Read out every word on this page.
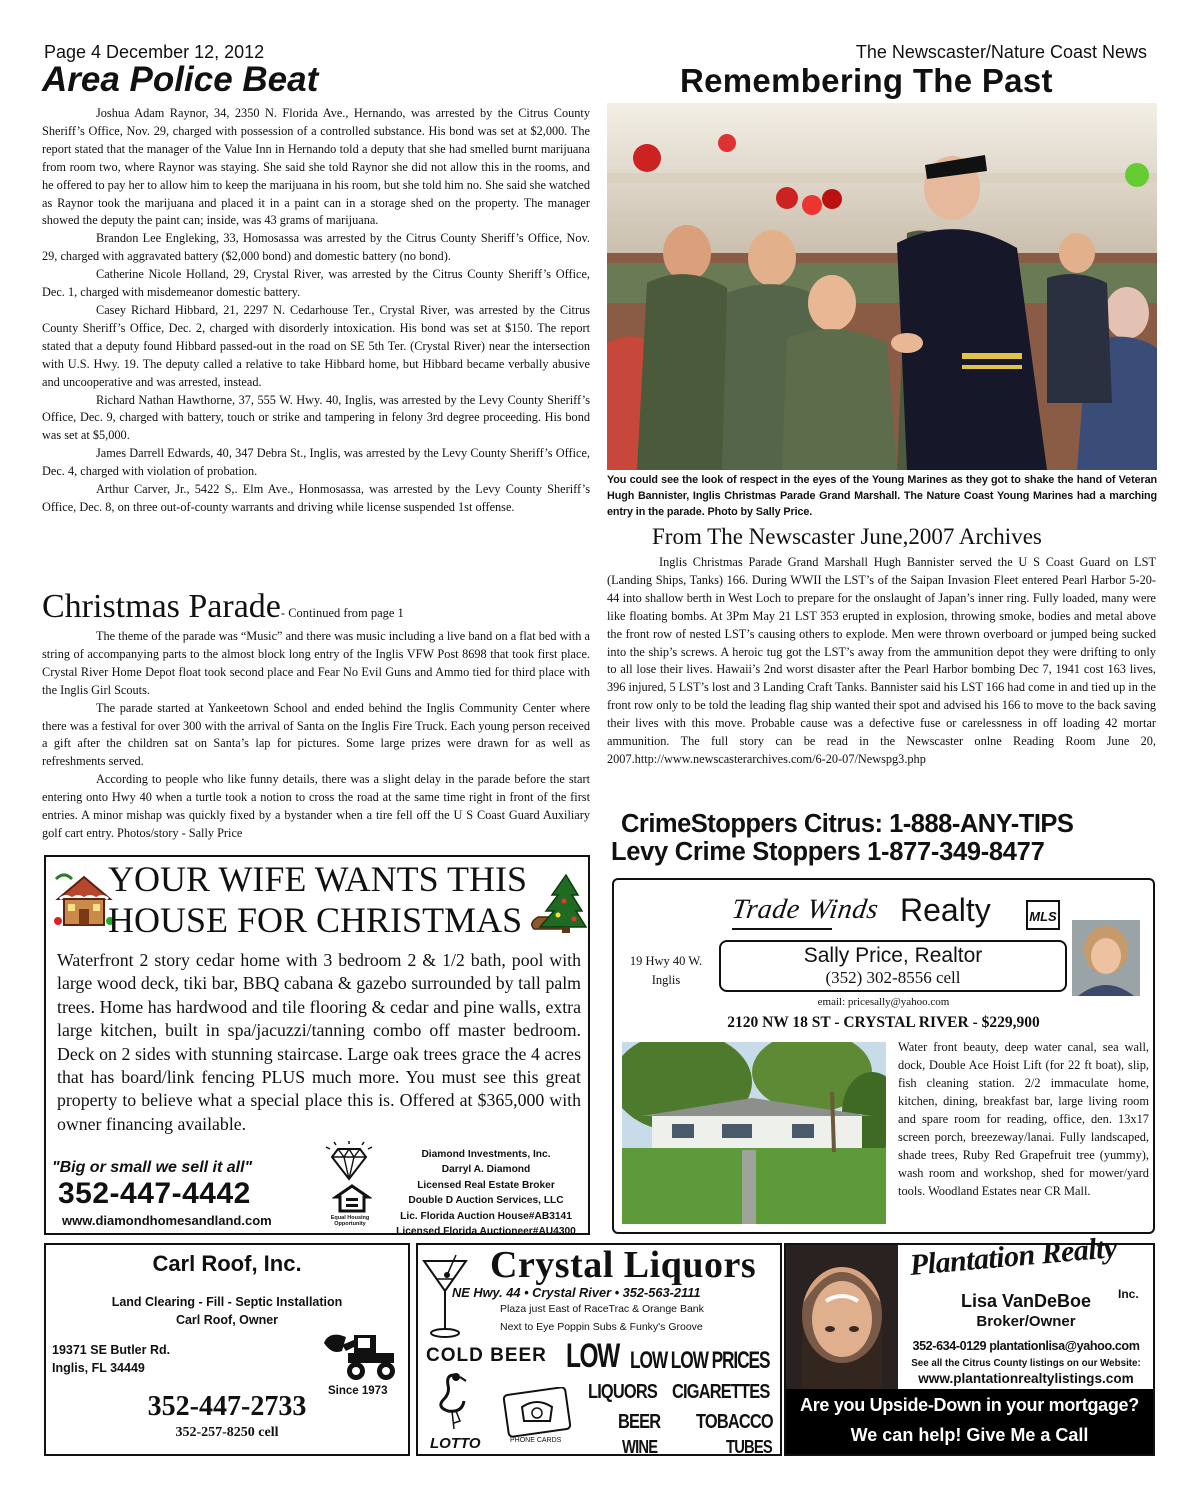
Page 4 December 12, 2012	The Newscaster/Nature Coast News
Area Police Beat

Joshua Adam Raynor, 34, 2350 N. Florida Ave., Hernando, was arrested by the Citrus County Sheriff’s Office, Nov. 29, charged with possession of a controlled substance. His bond was set at $2,000. The report stated that the manager of the Value Inn in Hernando told a deputy that she had smelled burnt marijuana from room two, where Raynor was staying. She said she told Raynor she did not allow this in the rooms, and he offered to pay her to allow him to keep the marijuana in his room, but she told him no. She said she watched as Raynor took the marijuana and placed it in a paint can in a storage shed on the property. The manager showed the deputy the paint can; inside, was 43 grams of marijuana.

Brandon Lee Engleking, 33, Homosassa was arrested by the Citrus County Sheriff’s Office, Nov. 29, charged with aggravated battery ($2,000 bond) and domestic battery (no bond).

Catherine Nicole Holland, 29, Crystal River, was arrested by the Citrus County Sheriff’s Office, Dec. 1, charged with misdemeanor domestic battery.

Casey Richard Hibbard, 21, 2297 N. Cedarhouse Ter., Crystal River, was arrested by the Citrus County Sheriff’s Office, Dec. 2, charged with disorderly intoxication. His bond was set at $150. The report stated that a deputy found Hibbard passed-out in the road on SE 5th Ter. (Crystal River) near the intersection with U.S. Hwy. 19. The deputy called a relative to take Hibbard home, but Hibbard became verbally abusive and uncooperative and was arrested, instead.

Richard Nathan Hawthorne, 37, 555 W. Hwy. 40, Inglis, was arrested by the Levy County Sheriff’s Office, Dec. 9, charged with battery, touch or strike and tampering in felony 3rd degree proceeding. His bond was set at $5,000.

James Darrell Edwards, 40, 347 Debra St., Inglis, was arrested by the Levy County Sheriff’s Office, Dec. 4, charged with violation of probation.

Arthur Carver, Jr., 5422 S,. Elm Ave., Honmosassa, was arrested by the Levy County Sheriff’s Office, Dec. 8, on three out-of-county warrants and driving while license suspended 1st offense.

Christmas Parade- Continued from page 1

The theme of the parade was “Music” and there was music including a live band on a flat bed with a string of accompanying parts to the almost block long entry of the Inglis VFW Post 8698 that took first place. Crystal River Home Depot float took second place and Fear No Evil Guns and Ammo tied for third place with the Inglis Girl Scouts.

The parade started at Yankeetown School and ended behind the Inglis Community Center where there was a festival for over 300 with the arrival of Santa on the Inglis Fire Truck. Each young person received a gift after the children sat on Santa’s lap for pictures. Some large prizes were drawn for as well as refreshments served.

According to people who like funny details, there was a slight delay in the parade before the start entering onto Hwy 40 when a turtle took a notion to cross the road at the same time right in front of the first entries. A minor mishap was quickly fixed by a bystander when a tire fell off the U S Coast Guard Auxiliary golf cart entry. Photos/story - Sally Price

YOUR WIFE WANTS THIS
HOUSE FOR CHRISTMAS
Waterfront 2 story cedar home with 3 bedroom 2 & 1/2 bath, pool with large wood deck, tiki bar, BBQ cabana & gazebo surrounded by tall palm trees. Home has hardwood and tile flooring & cedar and pine walls, extra large kitchen, built in spa/jacuzzi/tanning combo off master bedroom. Deck on 2 sides with stunning staircase. Large oak trees grace the 4 acres that has board/link fencing PLUS much more. You must see this great property to believe what a special place this is. Offered at $365,000 with owner financing available.
"Big or small we sell it all"
352-447-4442
www.diamondhomesandland.com	Equal Housing
Opportunity
Diamond Investments, Inc.
Darryl A. Diamond
Licensed Real Estate Broker
Double D Auction Services, LLC
Lic. Florida Auction House#AB3141
Licensed Florida Auctioneer#AU4300
Carl Roof, Inc.
Land Clearing - Fill - Septic Installation
Carl Roof, Owner
19371 SE Butler Rd.
Inglis, FL 34449
Since 1973
352-447-2733
352-257-8250 cell
Crystal Liquors
NE Hwy. 44 • Crystal River • 352-563-2111
Plaza just East of RaceTrac & Orange Bank
Next to Eye Poppin Subs & Funky's Groove
COLD BEER LOW LOW LOW PRICES
LOTTO	PHONE CARDS
LIQUORS CIGARETTES
BEER TOBACCO
WINE	TUBES
Remembering The Past
You could see the look of respect in the eyes of the Young Marines as they got to shake the hand of Veteran Hugh Bannister, Inglis Christmas Parade Grand Marshall. The Nature Coast Young Marines had a marching entry in the parade. Photo by Sally Price.
From The Newscaster June,2007 Archives

Inglis Christmas Parade Grand Marshall Hugh Bannister served the U S Coast Guard on LST (Landing Ships, Tanks) 166. During WWII the LST’s of the Saipan Invasion Fleet entered Pearl Harbor 5-20-44 into shallow berth in West Loch to prepare for the onslaught of Japan’s inner ring. Fully loaded, many were like floating bombs. At 3Pm May 21 LST 353 erupted in explosion, throwing smoke, bodies and metal above the front row of nested LST’s causing others to explode. Men were thrown overboard or jumped being sucked into the ship’s screws. A heroic tug got the LST’s away from the ammunition depot they were drifting to only to all lose their lives. Hawaii’s 2nd worst disaster after the Pearl Harbor bombing Dec 7, 1941 cost 163 lives, 396 injured, 5 LST’s lost and 3 Landing Craft Tanks. Bannister said his LST 166 had come in and tied up in the front row only to be told the leading flag ship wanted their spot and advised his 166 to move to the back saving their lives with this move. Probable cause was a defective fuse or carelessness in off loading 42 mortar ammunition. The full story can be read in the Newscaster onlne Reading Room June 20, 2007.http://www.newscasterarchives.com/6-20-07/Newspg3.php

CrimeStoppers Citrus: 1-888-ANY-TIPS
Levy Crime Stoppers 1-877-349-8477
Trade Winds Realty	MLS
19 Hwy 40 W.
Inglis
Sally Price, Realtor
(352) 302-8556 cell
email: pricesally@yahoo.com
2120 NW 18 ST - CRYSTAL RIVER - $229,900
Water front beauty, deep water canal, sea wall, dock, Double Ace Hoist Lift (for 22 ft boat), slip, fish cleaning station. 2/2 immaculate home, kitchen, dining, breakfast bar, large living room and spare room for reading, office, den. 13x17 screen porch, breezeway/lanai. Fully landscaped, shade trees, Ruby Red Grapefruit tree (yummy), wash room and workshop, shed for mower/yard tools. Woodland Estates near CR Mall.
Plantation Realty
Inc.
Lisa VanDeBoe
Broker/Owner
352-634-0129 plantationlisa@yahoo.com
See all the Citrus County listings on our Website:
www.plantationrealtylistings.com
Are you Upside-Down in your mortgage?
We can help! Give Me a Call
